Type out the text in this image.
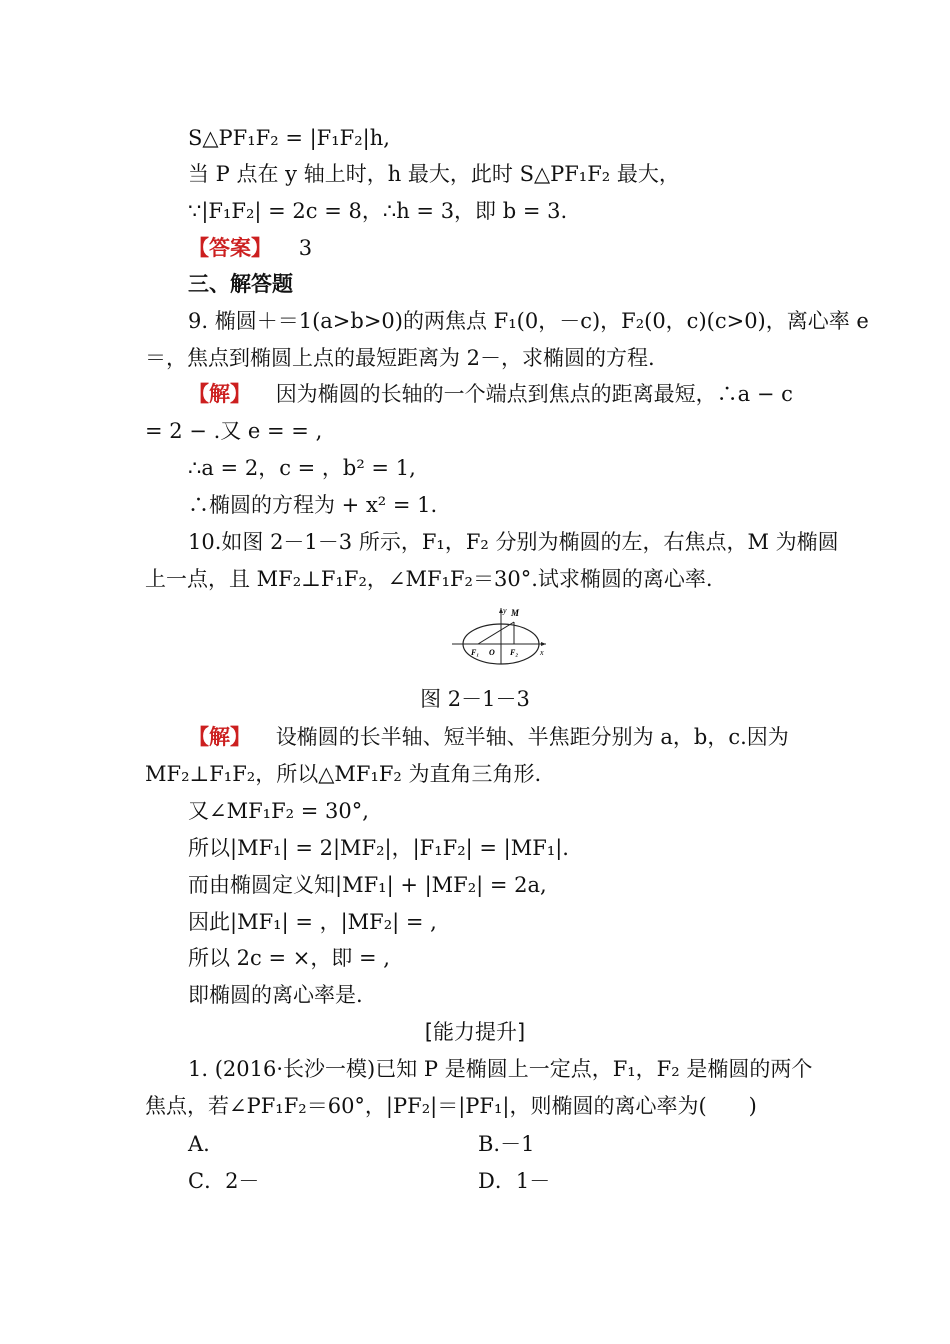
S△PF₁F₂ = |F₁F₂|h,
当 P 点在 y 轴上时，h 最大，此时 S△PF₁F₂ 最大，
∵|F₁F₂| = 2c = 8，∴h = 3，即 b = 3.
【答案】 3
三、解答题
9. 椭圆＋＝1(a>b>0)的两焦点 F₁(0，－c)，F₂(0，c)(c>0)，离心率 e
＝，焦点到椭圆上点的最短距离为 2－，求椭圆的方程.
【解】 因为椭圆的长轴的一个端点到焦点的距离最短，∴a − c
= 2 − .又 e = = ,
∴a = 2，c = ，b² = 1,
∴椭圆的方程为 + x² = 1.
10.如图 2－1－3 所示，F₁，F₂ 分别为椭圆的左，右焦点，M 为椭圆
上一点，且 MF₂⊥F₁F₂，∠MF₁F₂＝30°.试求椭圆的离心率.
y
x
M
F₁ O F₂
图 2－1－3
【解】 设椭圆的长半轴、短半轴、半焦距分别为 a，b，c.因为
MF₂⊥F₁F₂，所以△MF₁F₂ 为直角三角形.
又∠MF₁F₂ = 30°,
所以|MF₁| = 2|MF₂|，|F₁F₂| = |MF₁|.
而由椭圆定义知|MF₁| + |MF₂| = 2a,
因此|MF₁| = ，|MF₂| = ,
所以 2c = ×，即 = ,
即椭圆的离心率是.
[能力提升]
1. (2016·长沙一模)已知 P 是椭圆上一定点，F₁，F₂ 是椭圆的两个
焦点，若∠PF₁F₂＝60°，|PF₂|＝|PF₁|，则椭圆的离心率为(　　)
A.	B.－1
C．2－	D．1－
